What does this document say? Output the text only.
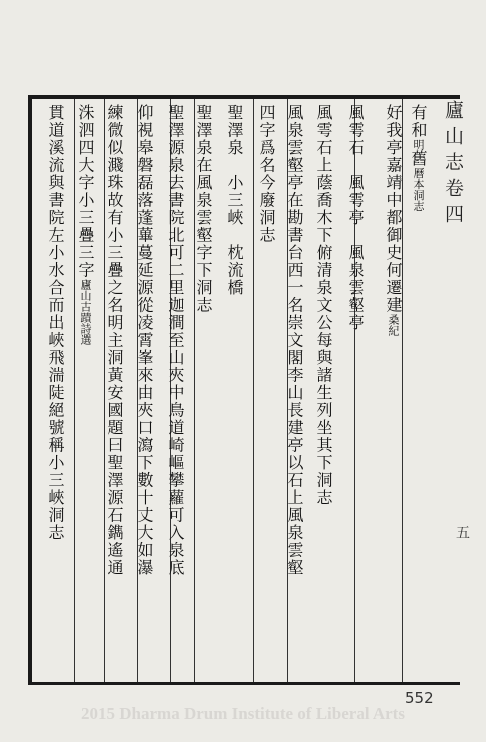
廬山志卷四
五
有和明舊曆本洞志
好我亭嘉靖中都御史何遷建桑紀
風雩石　風雩亭　風泉雲壑亭
風雩石上蔭喬木下俯清泉文公每與諸生列坐其下洞志
風泉雲壑亭在勘書台西一名崇文閣李山長建亭以石上風泉雲壑
四字爲名今廢洞志
聖澤泉　小三峽　枕流橋
聖澤泉在風泉雲壑字下洞志
聖澤源泉去書院北可二里迦澗至山夾中鳥道崎嶇攀蘿可入泉底
仰視皋磐磊落蓬蓽蔓延源從凌霄峯來由夾口瀉下數十丈大如瀑
練微似濺珠故有小三疊之名明主洞黃安國題曰聖澤源石鐫遙通
洙泗四大字小三疊三字廬山古蹟詩選
貫道溪流與書院左小水合而出峽飛湍陡絕號稱小三峽洞志
552
2015 Dharma Drum Institute of Liberal Arts
